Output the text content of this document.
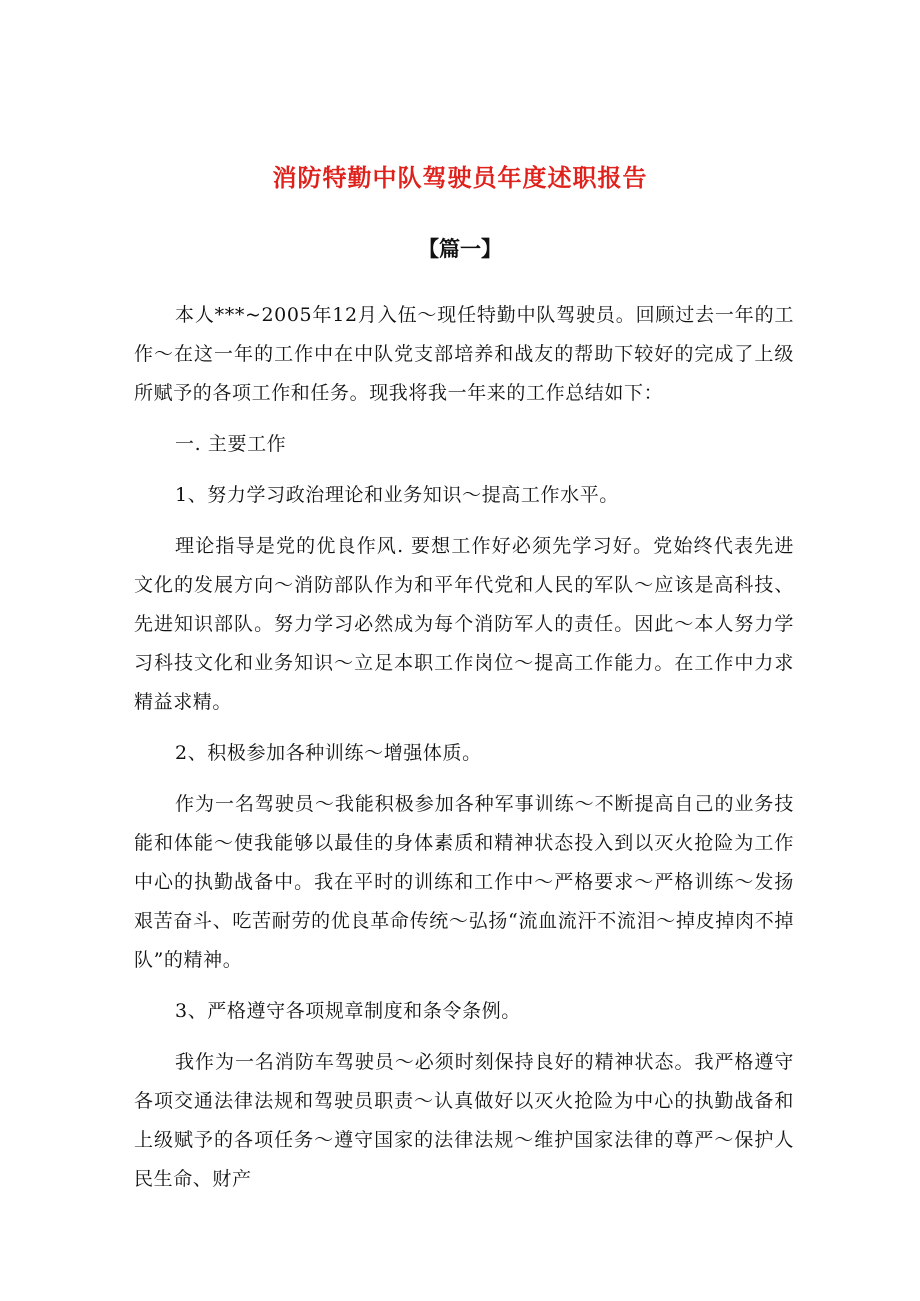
消防特勤中队驾驶员年度述职报告
【篇一】

本人***~2005年12月入伍～现任特勤中队驾驶员。回顾过去一年的工作～在这一年的工作中在中队党支部培养和战友的帮助下较好的完成了上级所赋予的各项工作和任务。现我将我一年来的工作总结如下：

一. 主要工作

1、努力学习政治理论和业务知识～提高工作水平。

理论指导是党的优良作风. 要想工作好必须先学习好。党始终代表先进文化的发展方向～消防部队作为和平年代党和人民的军队～应该是高科技、先进知识部队。努力学习必然成为每个消防军人的责任。因此～本人努力学习科技文化和业务知识～立足本职工作岗位～提高工作能力。在工作中力求精益求精。

2、积极参加各种训练～增强体质。

作为一名驾驶员～我能积极参加各种军事训练～不断提高自己的业务技能和体能～使我能够以最佳的身体素质和精神状态投入到以灭火抢险为工作中心的执勤战备中。我在平时的训练和工作中～严格要求～严格训练～发扬艰苦奋斗、吃苦耐劳的优良革命传统～弘扬“流血流汗不流泪～掉皮掉肉不掉队”的精神。

3、严格遵守各项规章制度和条令条例。

我作为一名消防车驾驶员～必须时刻保持良好的精神状态。我严格遵守各项交通法律法规和驾驶员职责～认真做好以灭火抢险为中心的执勤战备和上级赋予的各项任务～遵守国家的法律法规～维护国家法律的尊严～保护人民生命、财产
